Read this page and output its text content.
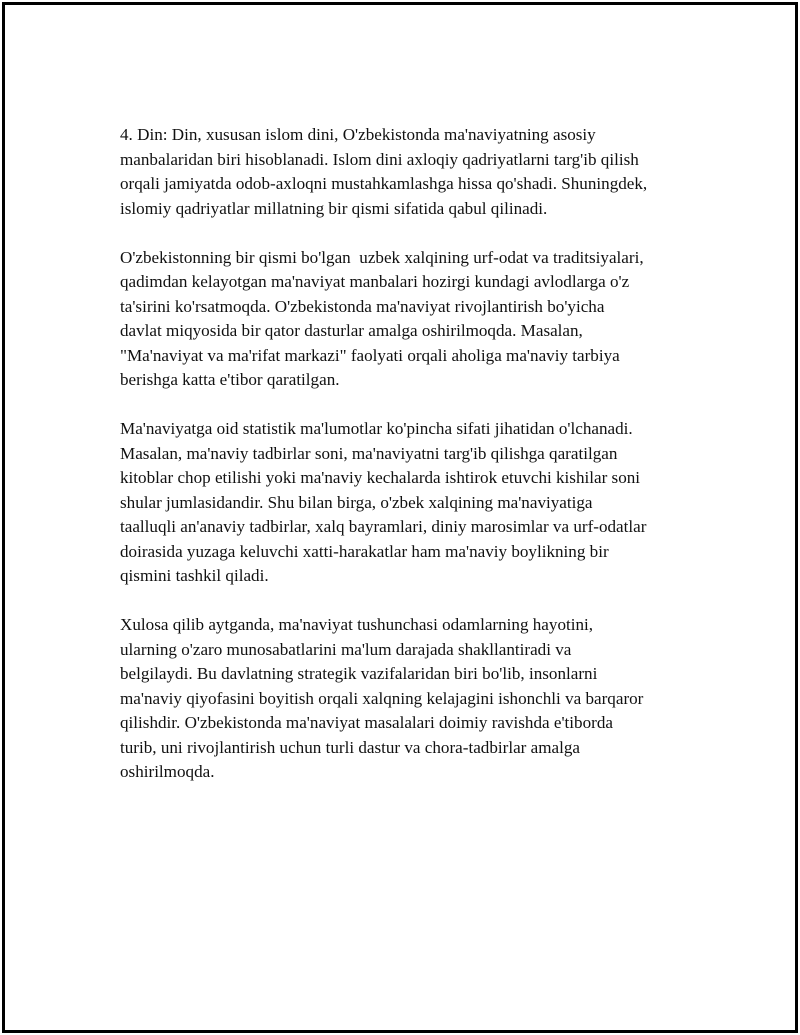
4. Din: Din, xususan islom dini, O'zbekistonda ma'naviyatning asosiy
manbalaridan biri hisoblanadi. Islom dini axloqiy qadriyatlarni targ'ib qilish
orqali jamiyatda odob-axloqni mustahkamlashga hissa qo'shadi. Shuningdek,
islomiy qadriyatlar millatning bir qismi sifatida qabul qilinadi.

O'zbekistonning bir qismi bo'lgan  uzbek xalqining urf-odat va traditsiyalari,
qadimdan kelayotgan ma'naviyat manbalari hozirgi kundagi avlodlarga o'z
ta'sirini ko'rsatmoqda. O'zbekistonda ma'naviyat rivojlantirish bo'yicha
davlat miqyosida bir qator dasturlar amalga oshirilmoqda. Masalan,
"Ma'naviyat va ma'rifat markazi" faolyati orqali aholiga ma'naviy tarbiya
berishga katta e'tibor qaratilgan.

Ma'naviyatga oid statistik ma'lumotlar ko'pincha sifati jihatidan o'lchanadi.
Masalan, ma'naviy tadbirlar soni, ma'naviyatni targ'ib qilishga qaratilgan
kitoblar chop etilishi yoki ma'naviy kechalarda ishtirok etuvchi kishilar soni
shular jumlasidandir. Shu bilan birga, o'zbek xalqining ma'naviyatiga
taalluqli an'anaviy tadbirlar, xalq bayramlari, diniy marosimlar va urf-odatlar
doirasida yuzaga keluvchi xatti-harakatlar ham ma'naviy boylikning bir
qismini tashkil qiladi.

Xulosa qilib aytganda, ma'naviyat tushunchasi odamlarning hayotini,
ularning o'zaro munosabatlarini ma'lum darajada shakllantiradi va
belgilaydi. Bu davlatning strategik vazifalaridan biri bo'lib, insonlarni
ma'naviy qiyofasini boyitish orqali xalqning kelajagini ishonchli va barqaror
qilishdir. O'zbekistonda ma'naviyat masalalari doimiy ravishda e'tiborda
turib, uni rivojlantirish uchun turli dastur va chora-tadbirlar amalga
oshirilmoqda.
